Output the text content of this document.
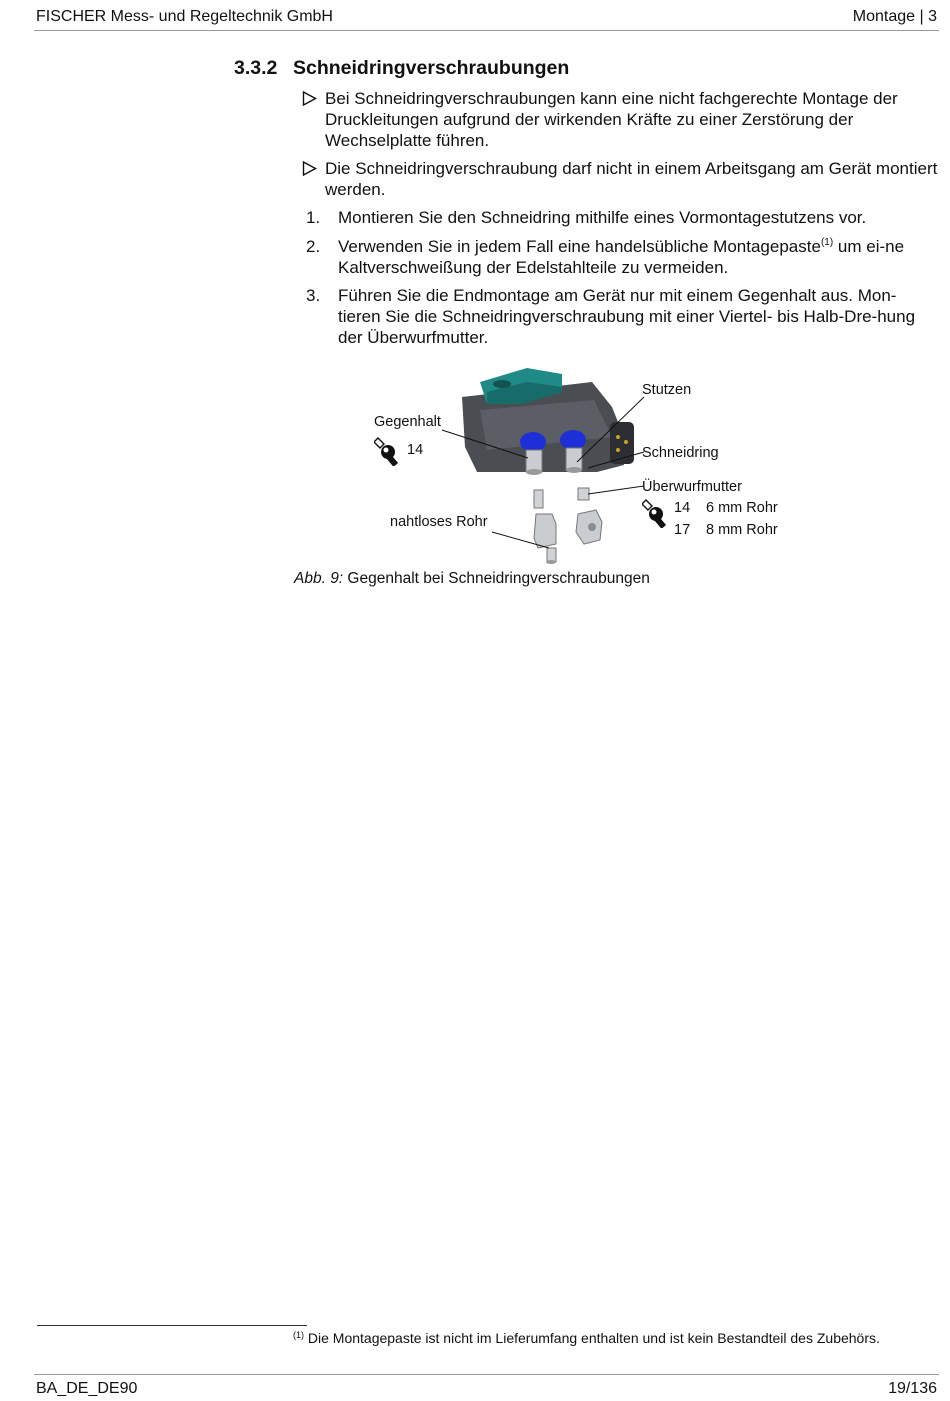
FISCHER Mess- und Regeltechnik GmbH	Montage | 3
3.3.2 Schneidringverschraubungen
Bei Schneidringverschraubungen kann eine nicht fachgerechte Montage der Druckleitungen aufgrund der wirkenden Kräfte zu einer Zerstörung der Wechselplatte führen.
Die Schneidringverschraubung darf nicht in einem Arbeitsgang am Gerät montiert werden.
1. Montieren Sie den Schneidring mithilfe eines Vormontagestutzens vor.
2. Verwenden Sie in jedem Fall eine handelsübliche Montagepaste$^{(1)}$ um ei-ne Kaltverschweißung der Edelstahlteile zu vermeiden.
3. Führen Sie die Endmontage am Gerät nur mit einem Gegenhalt aus. Mon-tieren Sie die Schneidringverschraubung mit einer Viertel- bis Halb-Dre-hung der Überwurfmutter.
Stutzen
Gegenhalt
14	Schneidring
Überwurfmutter
14 6 mm Rohr
17 8 mm Rohr
nahtloses Rohr
Abb. 9: Gegenhalt bei Schneidringverschraubungen
$^{(1)}$ Die Montagepaste ist nicht im Lieferumfang enthalten und ist kein Bestandteil des Zubehörs.
BA_DE_DE90	19/136
